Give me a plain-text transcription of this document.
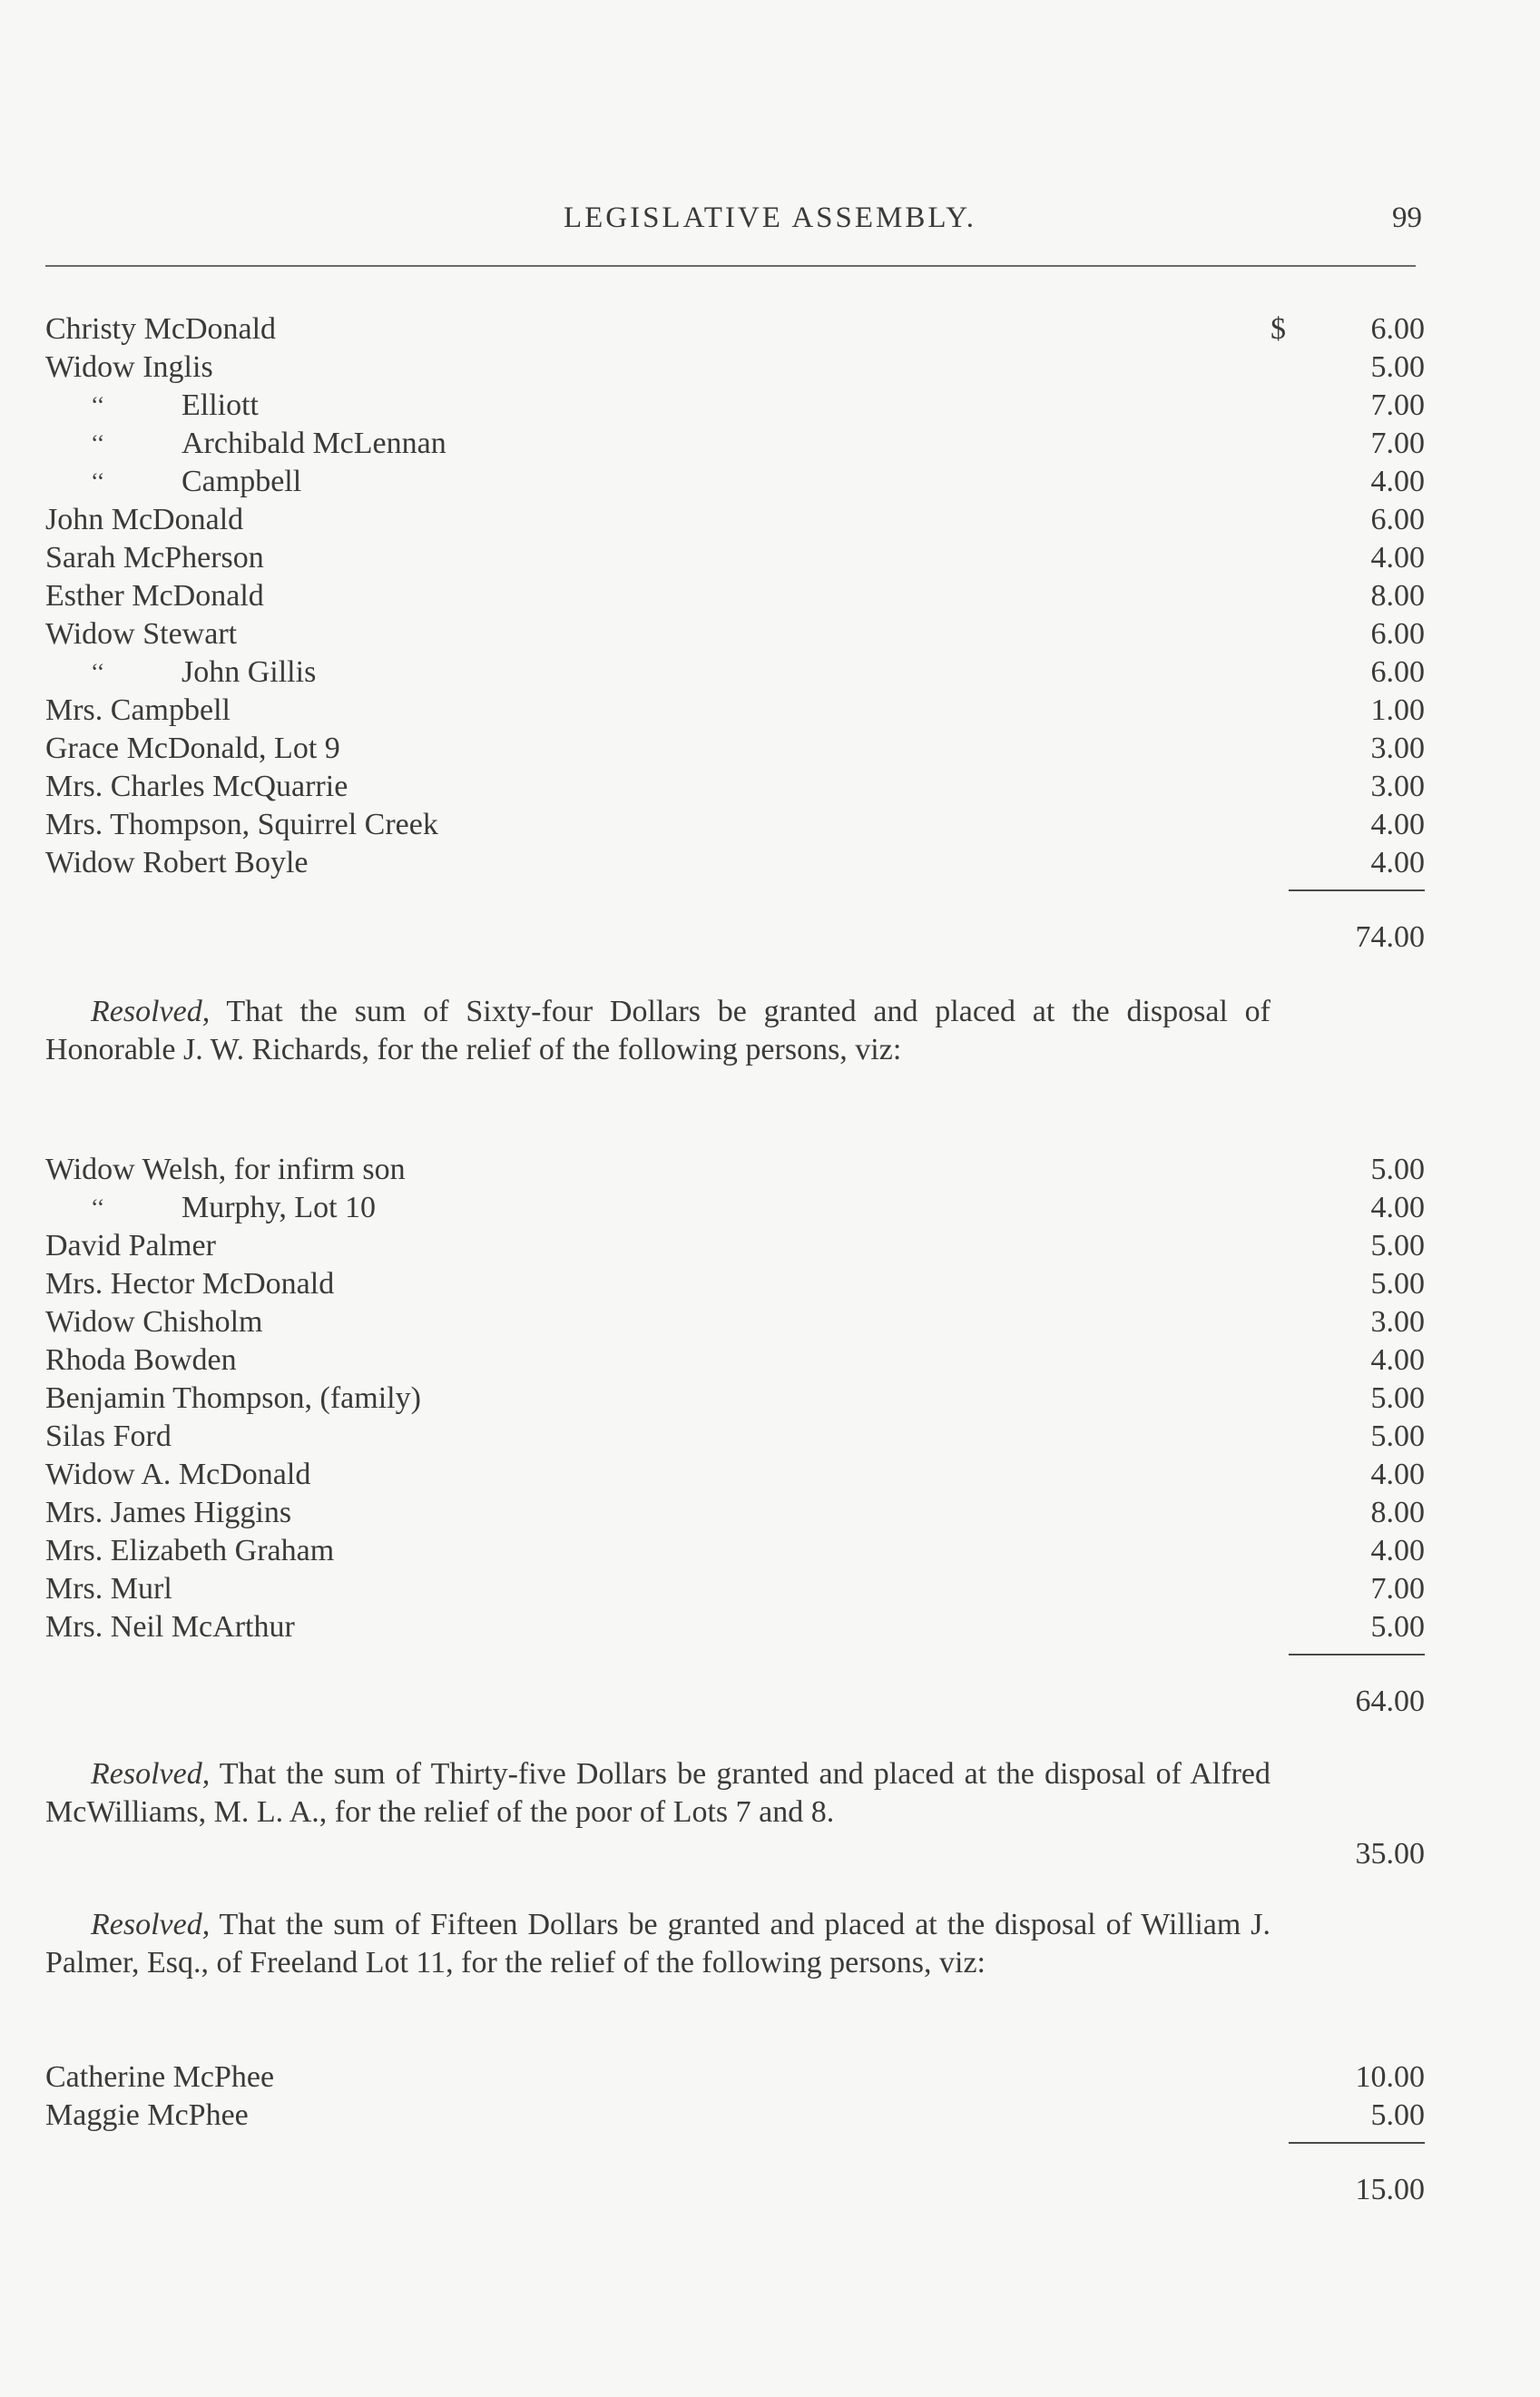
LEGISLATIVE ASSEMBLY.	99
Christy McDonald	$	6.00
Widow Inglis	5.00
‘‘ Elliott	7.00
‘‘ Archibald McLennan	7.00
‘‘ Campbell	4.00
John McDonald	6.00
Sarah McPherson	4.00
Esther McDonald	8.00
Widow Stewart	6.00
‘‘ John Gillis	6.00
Mrs. Campbell	1.00
Grace McDonald, Lot 9	3.00
Mrs. Charles McQuarrie	3.00
Mrs. Thompson, Squirrel Creek	4.00
Widow Robert Boyle	4.00
74.00
Resolved, That the sum of Sixty-four Dollars be granted and placed at the disposal of Honorable J. W. Richards, for the relief of the following persons, viz:
Widow Welsh, for infirm son	5.00
‘‘ Murphy, Lot 10	4.00
David Palmer	5.00
Mrs. Hector McDonald	5.00
Widow Chisholm	3.00
Rhoda Bowden	4.00
Benjamin Thompson, (family)	5.00
Silas Ford	5.00
Widow A. McDonald	4.00
Mrs. James Higgins	8.00
Mrs. Elizabeth Graham	4.00
Mrs. Murl	7.00
Mrs. Neil McArthur	5.00
64.00
Resolved, That the sum of Thirty-five Dollars be granted and placed at the disposal of Alfred McWilliams, M. L. A., for the relief of the poor of Lots 7 and 8.
35.00
Resolved, That the sum of Fifteen Dollars be granted and placed at the disposal of William J. Palmer, Esq., of Freeland Lot 11, for the relief of the following persons, viz:
Catherine McPhee	10.00
Maggie McPhee	5.00
15.00
